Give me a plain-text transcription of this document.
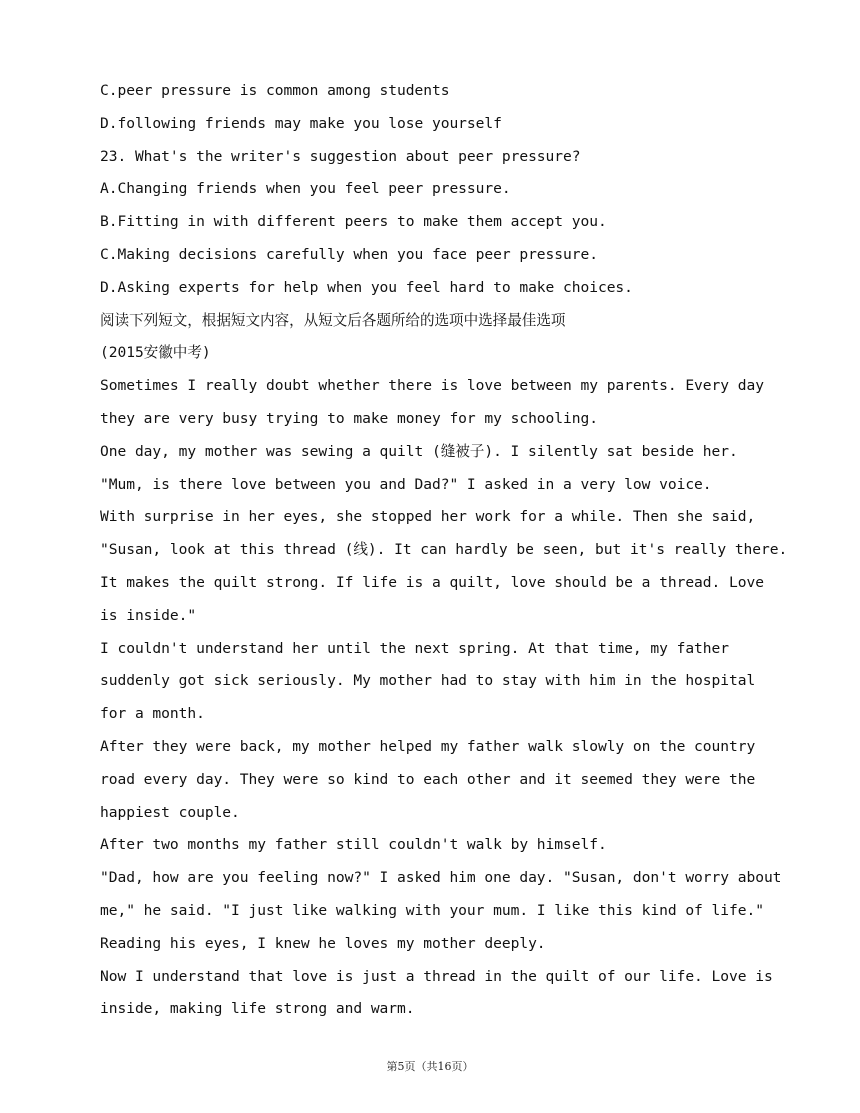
C.peer pressure is common among students
D.following friends may make you lose yourself
23. What's the writer's suggestion about peer pressure?
A.Changing friends when you feel peer pressure.
B.Fitting in with different peers to make them accept you.
C.Making decisions carefully when you face peer pressure.
D.Asking experts for help when you feel hard to make choices.
阅读下列短文，根据短文内容，从短文后各题所给的选项中选择最佳选项
(2015安徽中考)
Sometimes I really doubt whether there is love between my parents. Every day
they are very busy trying to make money for my schooling.
One day, my mother was sewing a quilt (缝被子). I silently sat beside her.
"Mum, is there love between you and Dad?" I asked in a very low voice.
With surprise in her eyes, she stopped her work for a while. Then she said,
"Susan, look at this thread (线). It can hardly be seen, but it's really there.
It makes the quilt strong. If life is a quilt, love should be a thread. Love
is inside."
I couldn't understand her until the next spring. At that time, my father
suddenly got sick seriously. My mother had to stay with him in the hospital
for a month.
After they were back, my mother helped my father walk slowly on the country
road every day. They were so kind to each other and it seemed they were the
happiest couple.
After two months my father still couldn't walk by himself.
"Dad, how are you feeling now?" I asked him one day. "Susan, don't worry about
me," he said. "I just like walking with your mum. I like this kind of life."
Reading his eyes, I knew he loves my mother deeply.
Now I understand that love is just a thread in the quilt of our life. Love is
inside, making life strong and warm.
第5页（共16页）
